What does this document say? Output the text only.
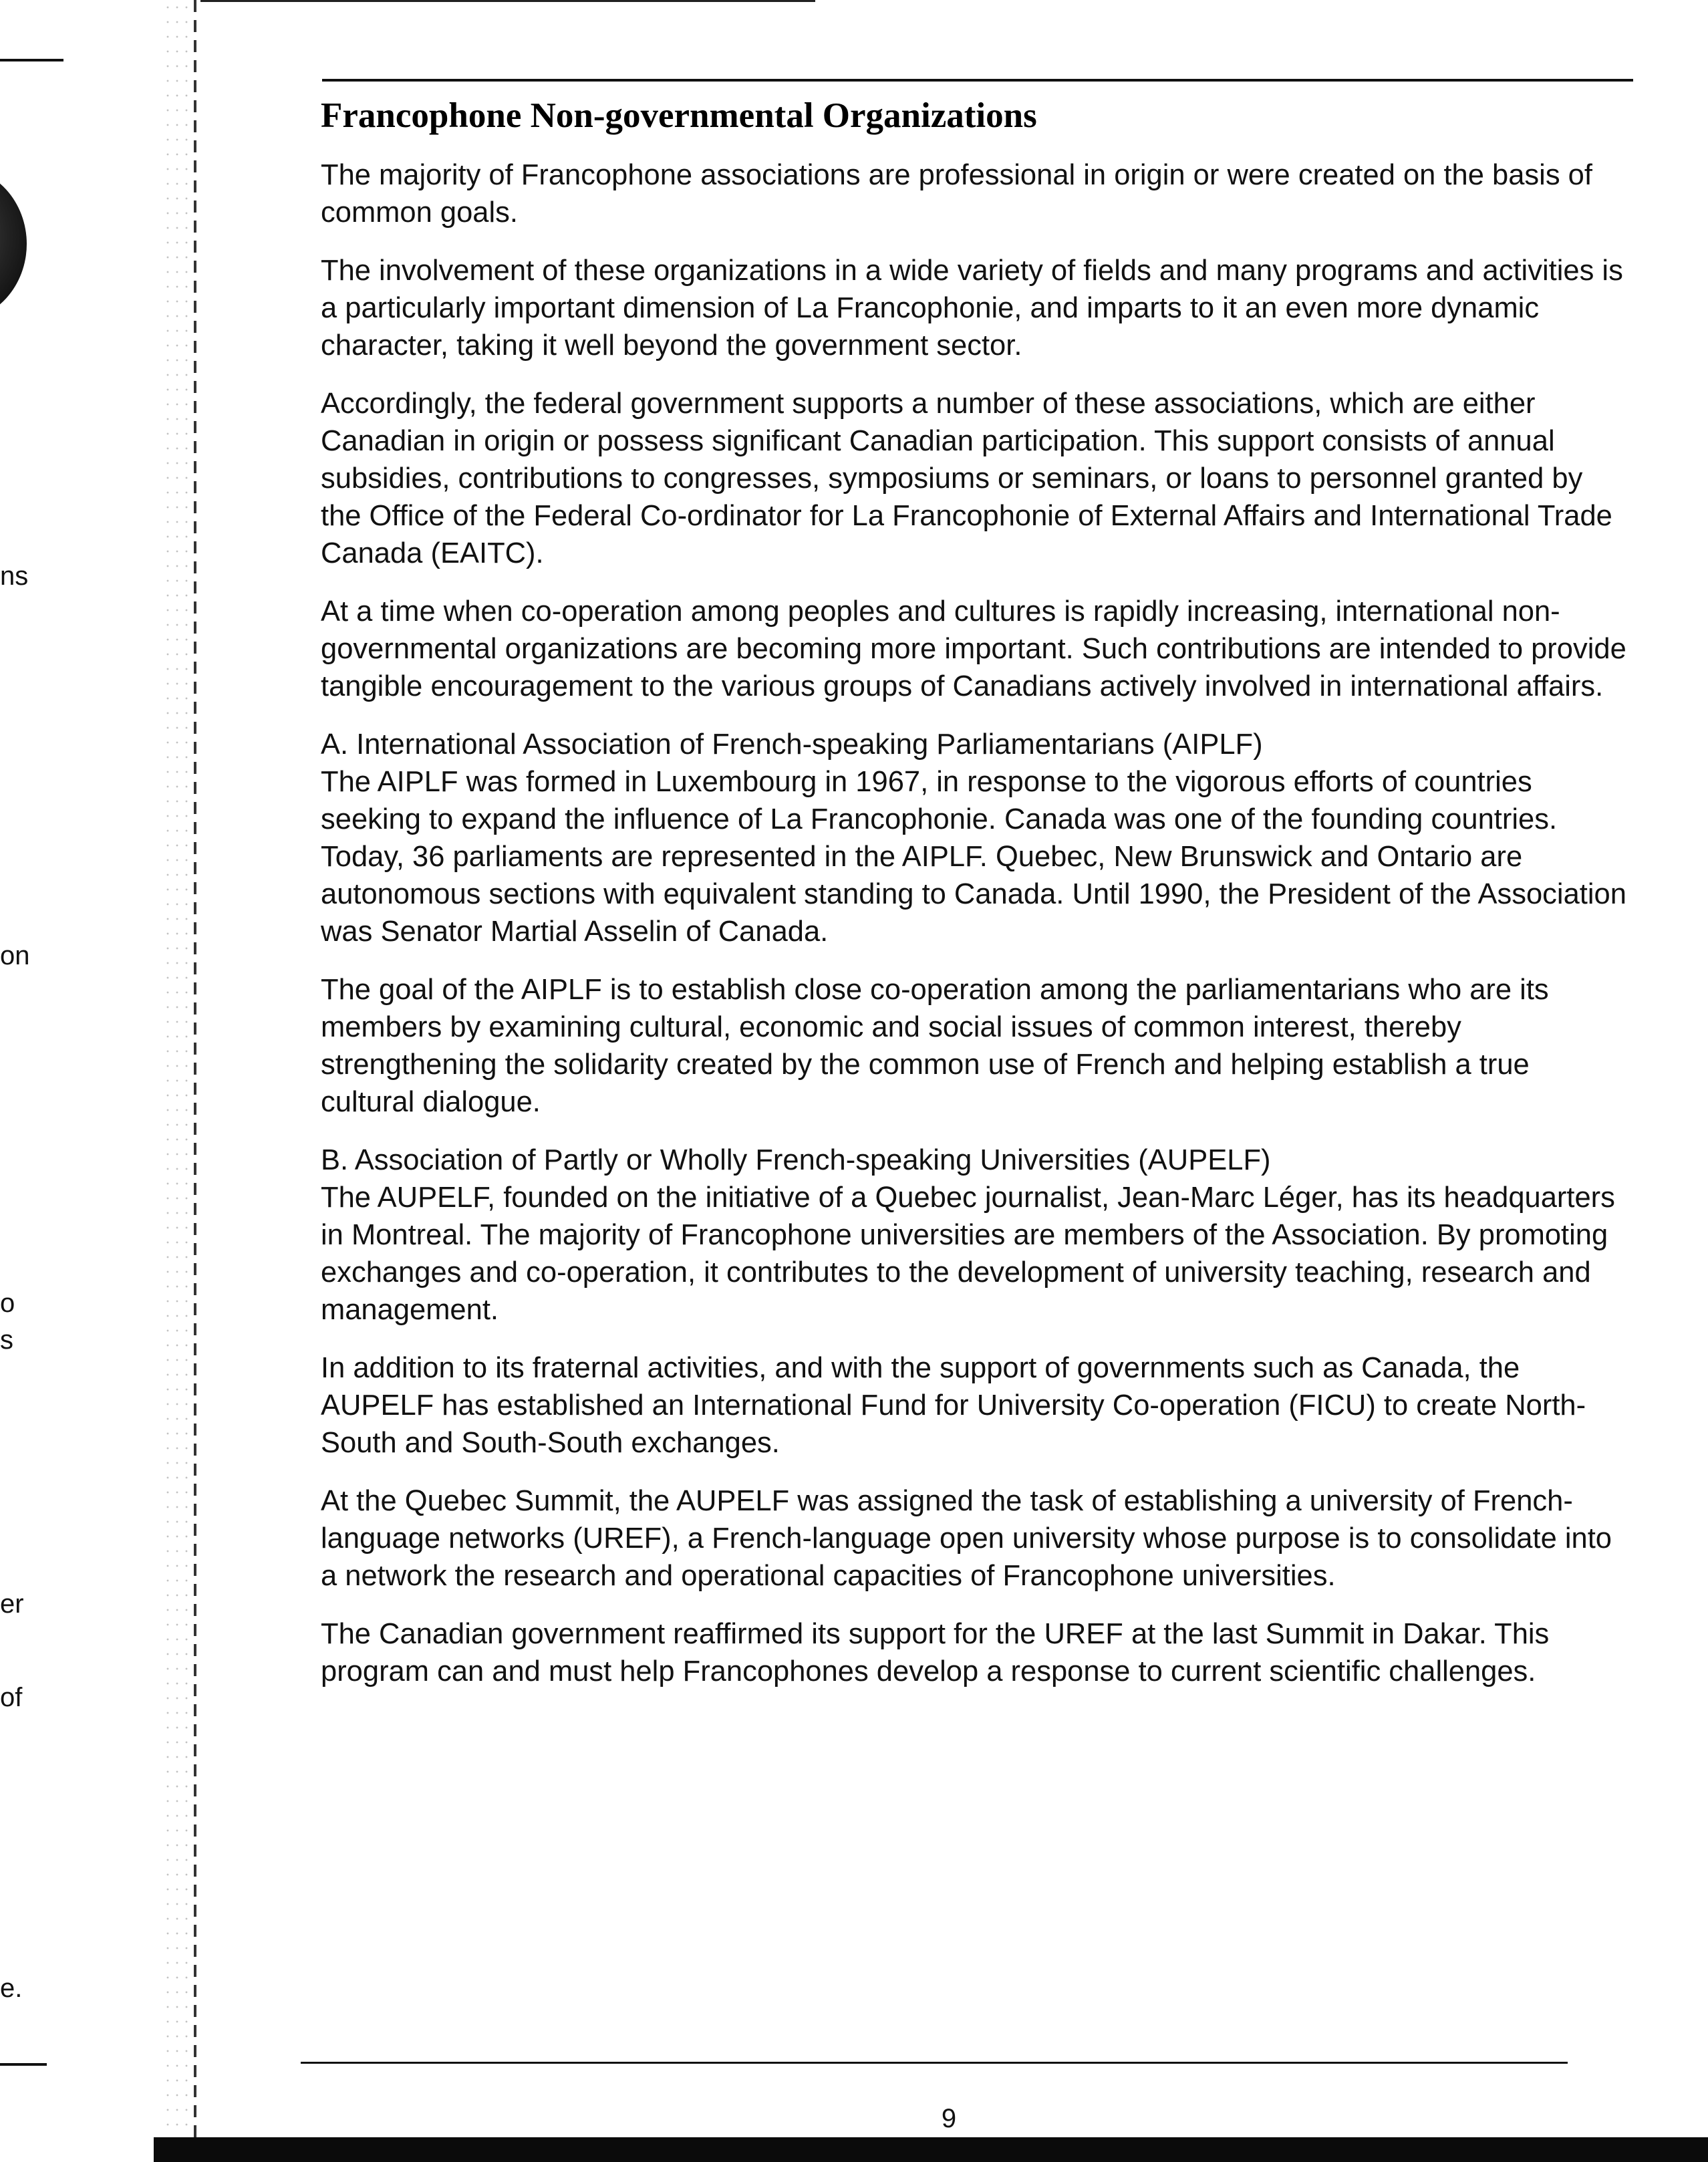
ns
on
o
s
er
of
e.
Francophone Non-governmental Organizations

The majority of Francophone associations are professional in origin or were created on the basis of common goals.

The involvement of these organizations in a wide variety of fields and many programs and activities is a particularly important dimension of La Francophonie, and imparts to it an even more dynamic character, taking it well beyond the government sector.

Accordingly, the federal government supports a number of these associations, which are either Canadian in origin or possess significant Canadian participation. This support consists of annual subsidies, contributions to congresses, symposiums or seminars, or loans to personnel granted by the Office of the Federal Co-ordinator for La Francophonie of External Affairs and International Trade Canada (EAITC).

At a time when co-operation among peoples and cultures is rapidly increasing, international non-governmental organizations are becoming more important. Such contributions are intended to provide tangible encouragement to the various groups of Canadians actively involved in international affairs.

A. International Association of French-speaking Parliamentarians (AIPLF)
The AIPLF was formed in Luxembourg in 1967, in response to the vigorous efforts of countries seeking to expand the influence of La Francophonie. Canada was one of the founding countries. Today, 36 parliaments are represented in the AIPLF. Quebec, New Brunswick and Ontario are autonomous sections with equivalent standing to Canada. Until 1990, the President of the Association was Senator Martial Asselin of Canada.

The goal of the AIPLF is to establish close co-operation among the parliamentarians who are its members by examining cultural, economic and social issues of common interest, thereby strengthening the solidarity created by the common use of French and helping establish a true cultural dialogue.

B. Association of Partly or Wholly French-speaking Universities (AUPELF)
The AUPELF, founded on the initiative of a Quebec journalist, Jean-Marc Léger, has its headquarters in Montreal. The majority of Francophone universities are members of the Association. By promoting exchanges and co-operation, it contributes to the development of university teaching, research and management.

In addition to its fraternal activities, and with the support of governments such as Canada, the AUPELF has established an International Fund for University Co-operation (FICU) to create North-South and South-South exchanges.

At the Quebec Summit, the AUPELF was assigned the task of establishing a university of French-language networks (UREF), a French-language open university whose purpose is to consolidate into a network the research and operational capacities of Francophone universities.

The Canadian government reaffirmed its support for the UREF at the last Summit in Dakar. This program can and must help Francophones develop a response to current scientific challenges.

9
